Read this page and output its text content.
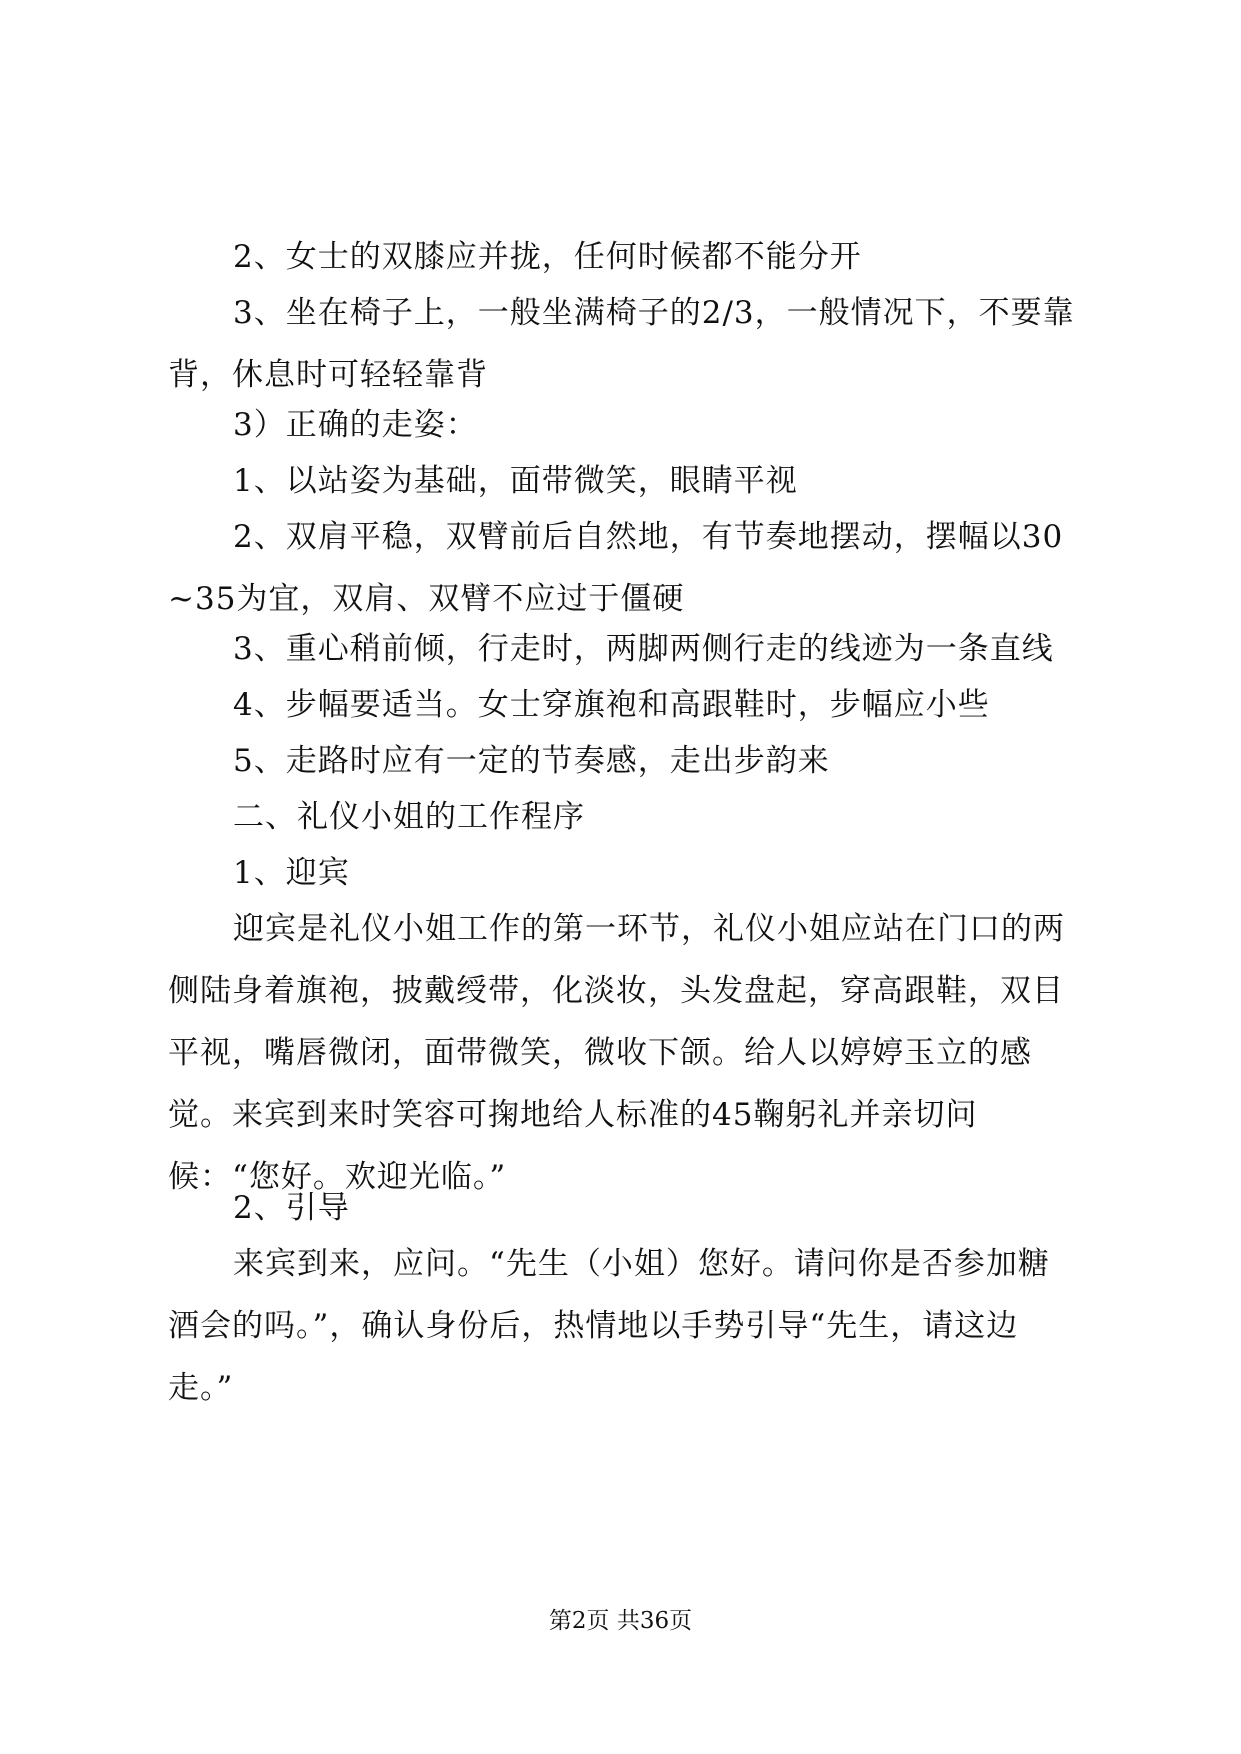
2、女士的双膝应并拢，任何时候都不能分开

3、坐在椅子上，一般坐满椅子的2/3，一般情况下，不要靠背，休息时可轻轻靠背

3）正确的走姿：

1、以站姿为基础，面带微笑，眼睛平视

2、双肩平稳，双臂前后自然地，有节奏地摆动，摆幅以30~35为宜，双肩、双臂不应过于僵硬

3、重心稍前倾，行走时，两脚两侧行走的线迹为一条直线

4、步幅要适当。女士穿旗袍和高跟鞋时，步幅应小些

5、走路时应有一定的节奏感，走出步韵来

二、礼仪小姐的工作程序

1、迎宾

迎宾是礼仪小姐工作的第一环节，礼仪小姐应站在门口的两侧陆身着旗袍，披戴绶带，化淡妆，头发盘起，穿高跟鞋，双目平视，嘴唇微闭，面带微笑，微收下颌。给人以婷婷玉立的感觉。来宾到来时笑容可掬地给人标准的45鞠躬礼并亲切问候：“您好。欢迎光临。”

2、引导

来宾到来，应问。“先生（小姐）您好。请问你是否参加糖酒会的吗。”，确认身份后，热情地以手势引导“先生，请这边走。”

第2页 共36页
